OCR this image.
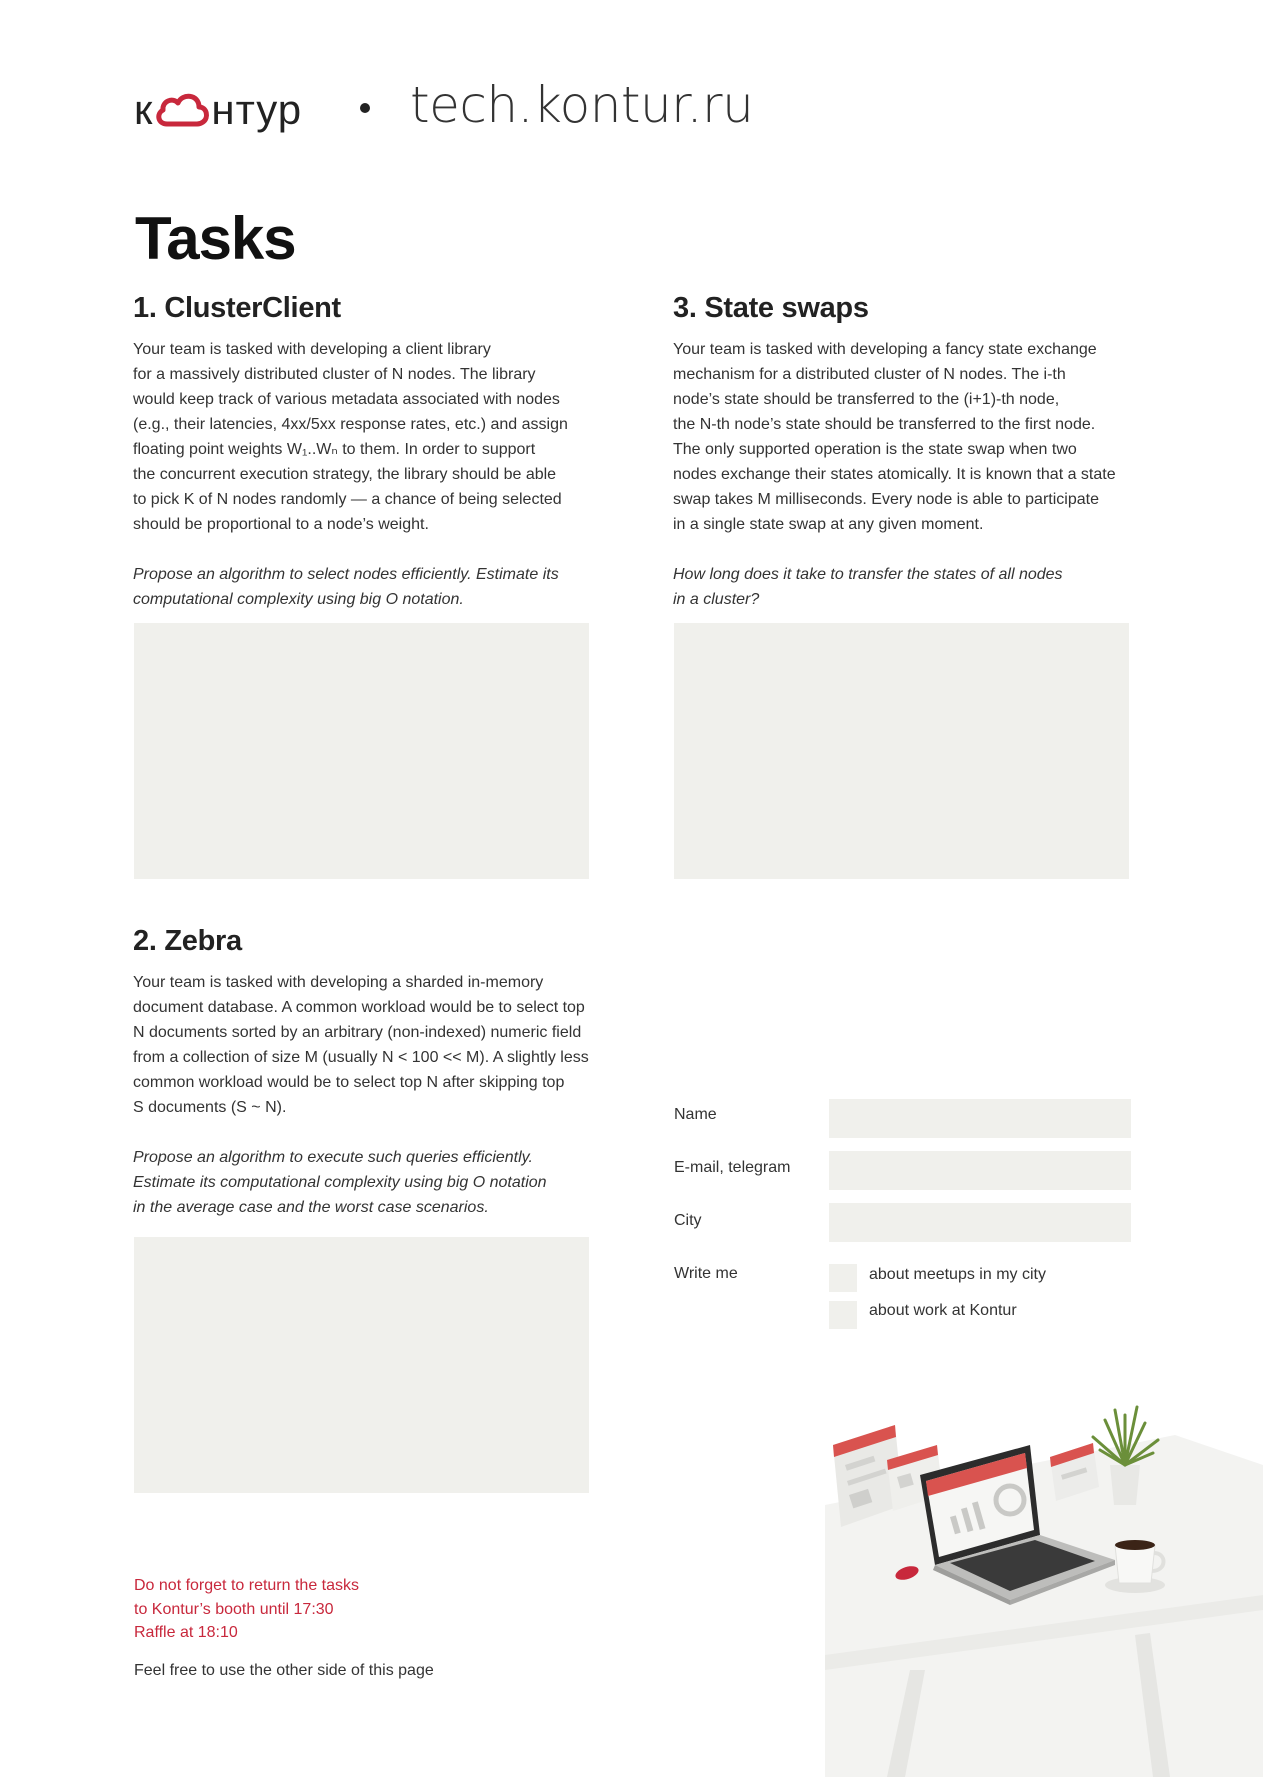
к нтур tech.kontur.ru
Tasks
1. ClusterClient

Your team is tasked with developing a client library
for a massively distributed cluster of N nodes. The library
would keep track of various metadata associated with nodes
(e.g., their latencies, 4xx/5xx response rates, etc.) and assign
floating point weights W₁..Wₙ to them. In order to support
the concurrent execution strategy, the library should be able
to pick K of N nodes randomly — a chance of being selected
should be proportional to a node’s weight.

Propose an algorithm to select nodes efficiently. Estimate its
computational complexity using big O notation.

3. State swaps

Your team is tasked with developing a fancy state exchange
mechanism for a distributed cluster of N nodes. The i-th
node’s state should be transferred to the (i+1)-th node,
the N-th node’s state should be transferred to the first node.
The only supported operation is the state swap when two
nodes exchange their states atomically. It is known that a state
swap takes M milliseconds. Every node is able to participate
in a single state swap at any given moment.

How long does it take to transfer the states of all nodes
in a cluster?

2. Zebra

Your team is tasked with developing a sharded in-memory
document database. A common workload would be to select top
N documents sorted by an arbitrary (non-indexed) numeric field
from a collection of size M (usually N < 100 << M). A slightly less
common workload would be to select top N after skipping top
S documents (S ~ N).

Propose an algorithm to execute such queries efficiently.
Estimate its computational complexity using big O notation
in the average case and the worst case scenarios.

Name
E-mail, telegram
City
Write me	about meetups in my city
about work at Kontur
Do not forget to return the tasks
to Kontur’s booth until 17:30
Raffle at 18:10
Feel free to use the other side of this page
